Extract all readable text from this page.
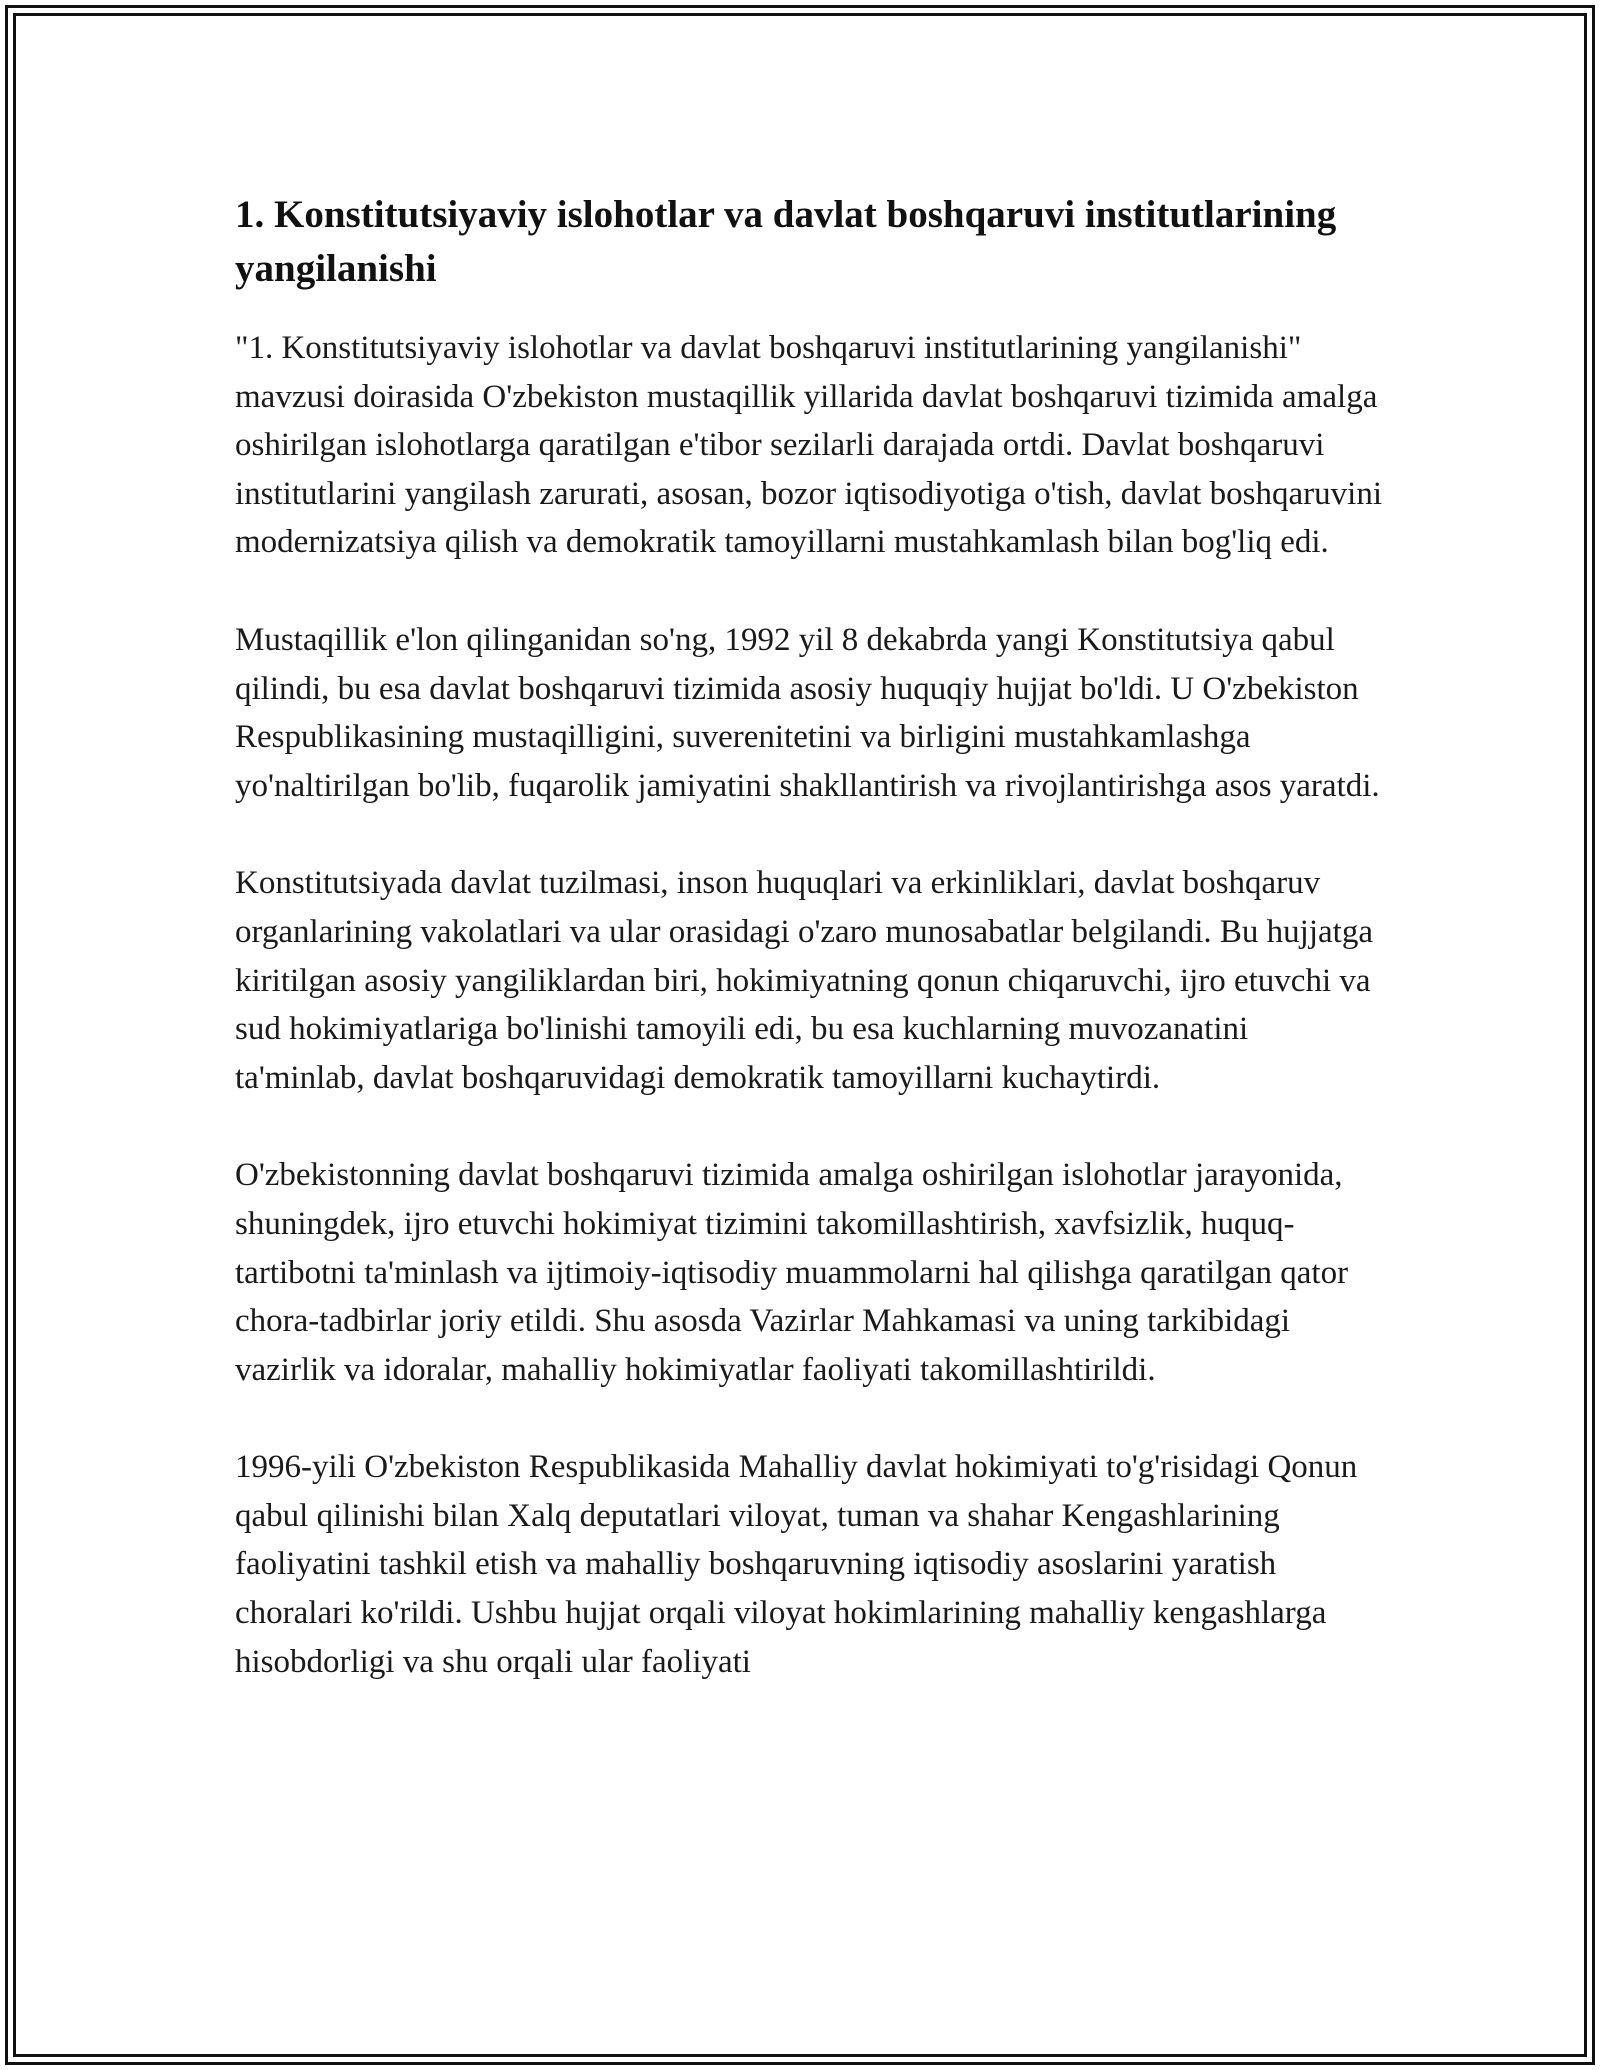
1. Konstitutsiyaviy islohotlar va davlat boshqaruvi institutlarining yangilanishi

"1. Konstitutsiyaviy islohotlar va davlat boshqaruvi institutlarining yangilanishi" mavzusi doirasida O'zbekiston mustaqillik yillarida davlat boshqaruvi tizimida amalga oshirilgan islohotlarga qaratilgan e'tibor sezilarli darajada ortdi. Davlat boshqaruvi institutlarini yangilash zarurati, asosan, bozor iqtisodiyotiga o'tish, davlat boshqaruvini modernizatsiya qilish va demokratik tamoyillarni mustahkamlash bilan bog'liq edi.

Mustaqillik e'lon qilinganidan so'ng, 1992 yil 8 dekabrda yangi Konstitutsiya qabul qilindi, bu esa davlat boshqaruvi tizimida asosiy huquqiy hujjat bo'ldi. U O'zbekiston Respublikasining mustaqilligini, suverenitetini va birligini mustahkamlashga yo'naltirilgan bo'lib, fuqarolik jamiyatini shakllantirish va rivojlantirishga asos yaratdi.

Konstitutsiyada davlat tuzilmasi, inson huquqlari va erkinliklari, davlat boshqaruv organlarining vakolatlari va ular orasidagi o'zaro munosabatlar belgilandi. Bu hujjatga kiritilgan asosiy yangiliklardan biri, hokimiyatning qonun chiqaruvchi, ijro etuvchi va sud hokimiyatlariga bo'linishi tamoyili edi, bu esa kuchlarning muvozanatini ta'minlab, davlat boshqaruvidagi demokratik tamoyillarni kuchaytirdi.

O'zbekistonning davlat boshqaruvi tizimida amalga oshirilgan islohotlar jarayonida, shuningdek, ijro etuvchi hokimiyat tizimini takomillashtirish, xavfsizlik, huquq-tartibotni ta'minlash va ijtimoiy-iqtisodiy muammolarni hal qilishga qaratilgan qator chora-tadbirlar joriy etildi. Shu asosda Vazirlar Mahkamasi va uning tarkibidagi vazirlik va idoralar, mahalliy hokimiyatlar faoliyati takomillashtirildi.

1996-yili O'zbekiston Respublikasida Mahalliy davlat hokimiyati to'g'risidagi Qonun qabul qilinishi bilan Xalq deputatlari viloyat, tuman va shahar Kengashlarining faoliyatini tashkil etish va mahalliy boshqaruvning iqtisodiy asoslarini yaratish choralari ko'rildi. Ushbu hujjat orqali viloyat hokimlarining mahalliy kengashlarga hisobdorligi va shu orqali ular faoliyati
